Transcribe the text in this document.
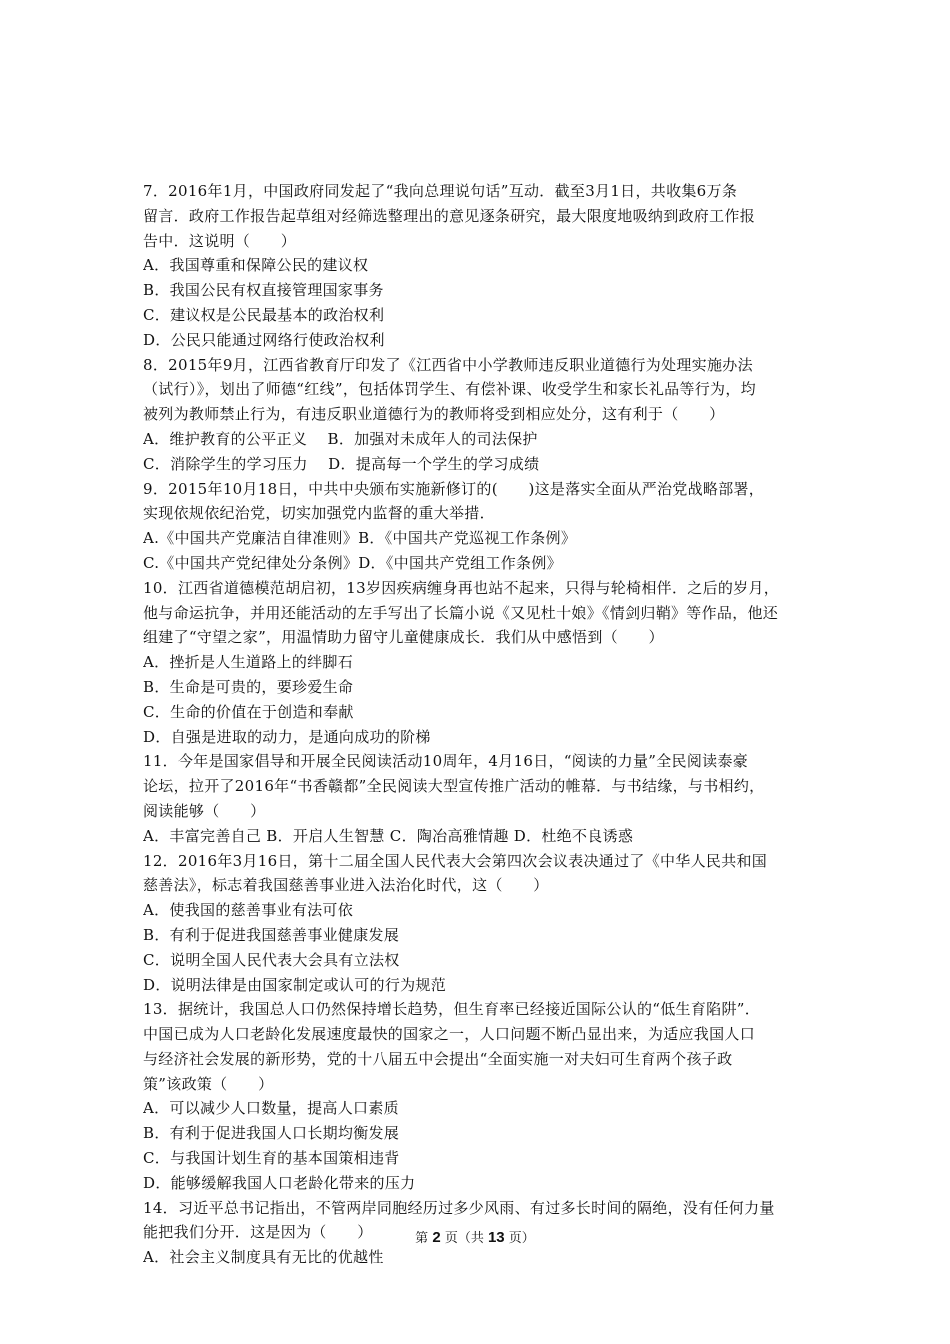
7．2016年1月，中国政府同发起了“我向总理说句话”互动．截至3月1日，共收集6万条
留言．政府工作报告起草组对经筛选整理出的意见逐条研究，最大限度地吸纳到政府工作报
告中．这说明（　　）
A．我国尊重和保障公民的建议权
B．我国公民有权直接管理国家事务
C．建议权是公民最基本的政治权利
D．公民只能通过网络行使政治权利
8．2015年9月，江西省教育厅印发了《江西省中小学教师违反职业道德行为处理实施办法
（试行）》，划出了师德“红线”，包括体罚学生、有偿补课、收受学生和家长礼品等行为，均
被列为教师禁止行为，有违反职业道德行为的教师将受到相应处分，这有利于（　　）
A．维护教育的公平正义　 B．加强对未成年人的司法保护
C．消除学生的学习压力　 D．提高每一个学生的学习成绩
9．2015年10月18日，中共中央颁布实施新修订的(　　)这是落实全面从严治党战略部署，
实现依规依纪治党，切实加强党内监督的重大举措．
A.《中国共产党廉洁自律准则》B．《中国共产党巡视工作条例》
C.《中国共产党纪律处分条例》D．《中国共产党组工作条例》
10．江西省道德模范胡启初，13岁因疾病缠身再也站不起来，只得与轮椅相伴．之后的岁月，
他与命运抗争，并用还能活动的左手写出了长篇小说《又见杜十娘》《情剑归鞘》等作品，他还
组建了“守望之家”，用温情助力留守儿童健康成长．我们从中感悟到（　　）
A．挫折是人生道路上的绊脚石
B．生命是可贵的，要珍爱生命
C．生命的价值在于创造和奉献
D．自强是进取的动力，是通向成功的阶梯
11．今年是国家倡导和开展全民阅读活动10周年，4月16日，“阅读的力量”全民阅读泰豪
论坛，拉开了2016年“书香赣都”全民阅读大型宣传推广活动的帷幕．与书结缘，与书相约，
阅读能够（　　）
A．丰富完善自己 B．开启人生智慧 C．陶冶高雅情趣 D．杜绝不良诱惑
12．2016年3月16日，第十二届全国人民代表大会第四次会议表决通过了《中华人民共和国
慈善法》，标志着我国慈善事业进入法治化时代，这（　　）
A．使我国的慈善事业有法可依
B．有利于促进我国慈善事业健康发展
C．说明全国人民代表大会具有立法权
D．说明法律是由国家制定或认可的行为规范
13．据统计，我国总人口仍然保持增长趋势，但生育率已经接近国际公认的“低生育陷阱”．
中国已成为人口老龄化发展速度最快的国家之一，人口问题不断凸显出来，为适应我国人口
与经济社会发展的新形势，党的十八届五中会提出“全面实施一对夫妇可生育两个孩子政
策”该政策（　　）
A．可以减少人口数量，提高人口素质
B．有利于促进我国人口长期均衡发展
C．与我国计划生育的基本国策相违背
D．能够缓解我国人口老龄化带来的压力
14．习近平总书记指出，不管两岸同胞经历过多少风雨、有过多长时间的隔绝，没有任何力量
能把我们分开．这是因为（　　）
A．社会主义制度具有无比的优越性
第 2 页（共 13 页）
